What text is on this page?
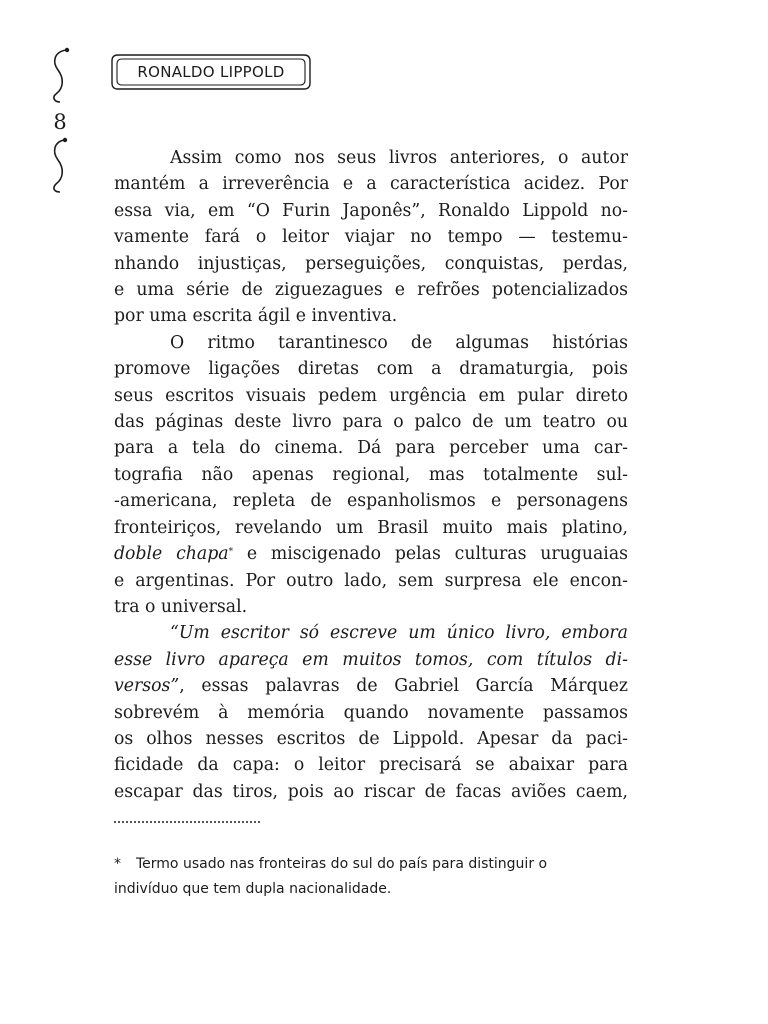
8
RONALDO LIPPOLD
Assim como nos seus livros anteriores, o autor
mantém a irreverência e a característica acidez. Por
essa via, em “O Furin Japonês”, Ronaldo Lippold no-
vamente fará o leitor viajar no tempo — testemu-
nhando injustiças, perseguições, conquistas, perdas,
e uma série de ziguezagues e refrões potencializados
por uma escrita ágil e inventiva.
O ritmo tarantinesco de algumas histórias
promove ligações diretas com a dramaturgia, pois
seus escritos visuais pedem urgência em pular direto
das páginas deste livro para o palco de um teatro ou
para a tela do cinema. Dá para perceber uma car-
tografia não apenas regional, mas totalmente sul-
-americana, repleta de espanholismos e personagens
fronteiriços, revelando um Brasil muito mais platino,
doble chapa* e miscigenado pelas culturas uruguaias
e argentinas. Por outro lado, sem surpresa ele encon-
tra o universal.
“Um escritor só escreve um único livro, embora
esse livro apareça em muitos tomos, com títulos di-
versos”, essas palavras de Gabriel García Márquez
sobrevém à memória quando novamente passamos
os olhos nesses escritos de Lippold. Apesar da paci-
ficidade da capa: o leitor precisará se abaixar para
escapar das tiros, pois ao riscar de facas aviões caem,
* Termo usado nas fronteiras do sul do país para distinguir o
indivíduo que tem dupla nacionalidade.
